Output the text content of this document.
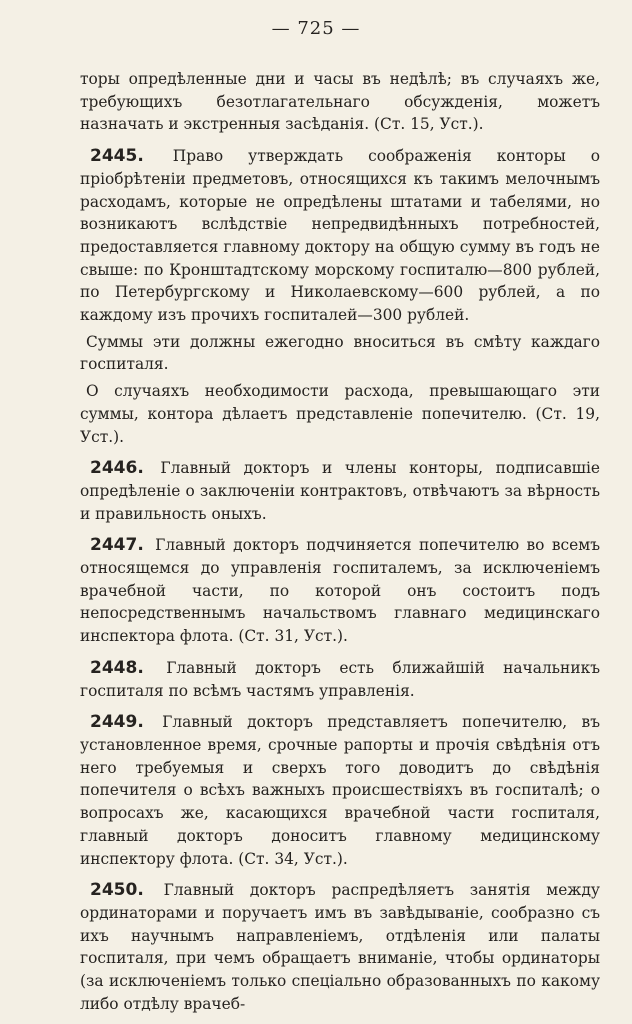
— 725 —

торы опредѣленные дни и часы въ недѣлѣ; въ случаяхъ же, требующихъ безотлагательнаго обсужденія, можетъ назначать и экстренныя засѣданія. (Ст. 15, Уст.).

2445. Право утверждать соображенія конторы о пріобрѣтеніи предметовъ, относящихся къ такимъ мелочнымъ расходамъ, которые не опредѣлены штатами и табелями, но возникаютъ вслѣдствіе непредвидѣнныхъ потребностей, предоставляется главному доктору на общую сумму въ годъ не свыше: по Кронштадтскому морскому госпиталю—800 рублей, по Петербургскому и Николаевскому—600 рублей, а по каждому изъ прочихъ госпиталей—300 рублей.

Суммы эти должны ежегодно вноситься въ смѣту каждаго госпиталя.

О случаяхъ необходимости расхода, превышающаго эти суммы, контора дѣлаетъ представленіе попечителю. (Ст. 19, Уст.).

2446. Главный докторъ и члены конторы, подписавшіе опредѣленіе о заключеніи контрактовъ, отвѣчаютъ за вѣрность и правильность оныхъ.

2447. Главный докторъ подчиняется попечителю во всемъ относящемся до управленія госпиталемъ, за исключеніемъ врачебной части, по которой онъ состоитъ подъ непосредственнымъ начальствомъ главнаго медицинскаго инспектора флота. (Ст. 31, Уст.).

2448. Главный докторъ есть ближайшій начальникъ госпиталя по всѣмъ частямъ управленія.

2449. Главный докторъ представляетъ попечителю, въ установленное время, срочные рапорты и прочія свѣдѣнія отъ него требуемыя и сверхъ того доводитъ до свѣдѣнія попечителя о всѣхъ важныхъ происшествіяхъ въ госпиталѣ; о вопросахъ же, касающихся врачебной части госпиталя, главный докторъ доноситъ главному медицинскому инспектору флота. (Ст. 34, Уст.).

2450. Главный докторъ распредѣляетъ занятія между ординаторами и поручаетъ имъ въ завѣдываніе, сообразно съ ихъ научнымъ направленіемъ, отдѣленія или палаты госпиталя, при чемъ обращаетъ вниманіе, чтобы ординаторы (за исключеніемъ только спеціально образованныхъ по какому либо отдѣлу врачеб-
